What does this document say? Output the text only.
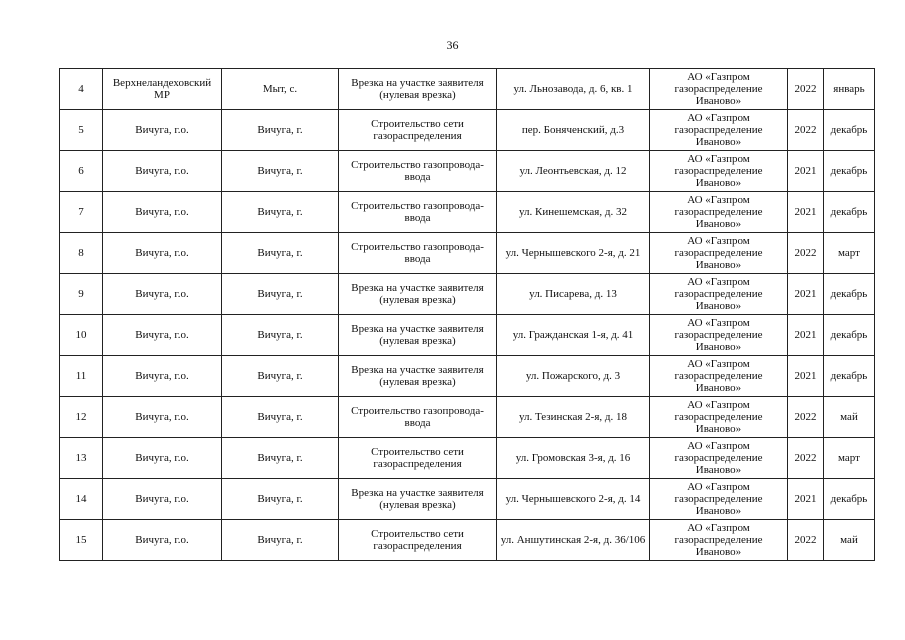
36
4	Верхнеландеховский МР	Мыт, с.	Врезка на участке заявителя (нулевая врезка)	ул. Льнозавода, д. 6, кв. 1	АО «Газпром газораспределение Иваново»	2022	январь
5	Вичуга, г.о.	Вичуга, г.	Строительство сети газораспределения	пер. Боняченский, д.3	АО «Газпром газораспределение Иваново»	2022	декабрь
6	Вичуга, г.о.	Вичуга, г.	Строительство газопровода-ввода	ул. Леонтьевская, д. 12	АО «Газпром газораспределение Иваново»	2021	декабрь
7	Вичуга, г.о.	Вичуга, г.	Строительство газопровода-ввода	ул. Кинешемская, д. 32	АО «Газпром газораспределение Иваново»	2021	декабрь
8	Вичуга, г.о.	Вичуга, г.	Строительство газопровода-ввода	ул. Чернышевского 2-я, д. 21	АО «Газпром газораспределение Иваново»	2022	март
9	Вичуга, г.о.	Вичуга, г.	Врезка на участке заявителя (нулевая врезка)	ул. Писарева, д. 13	АО «Газпром газораспределение Иваново»	2021	декабрь
10	Вичуга, г.о.	Вичуга, г.	Врезка на участке заявителя (нулевая врезка)	ул. Гражданская 1-я, д. 41	АО «Газпром газораспределение Иваново»	2021	декабрь
11	Вичуга, г.о.	Вичуга, г.	Врезка на участке заявителя (нулевая врезка)	ул. Пожарского, д. 3	АО «Газпром газораспределение Иваново»	2021	декабрь
12	Вичуга, г.о.	Вичуга, г.	Строительство газопровода-ввода	ул. Тезинская 2-я, д. 18	АО «Газпром газораспределение Иваново»	2022	май
13	Вичуга, г.о.	Вичуга, г.	Строительство сети газораспределения	ул. Громовская 3-я, д. 16	АО «Газпром газораспределение Иваново»	2022	март
14	Вичуга, г.о.	Вичуга, г.	Врезка на участке заявителя (нулевая врезка)	ул. Чернышевского 2-я, д. 14	АО «Газпром газораспределение Иваново»	2021	декабрь
15	Вичуга, г.о.	Вичуга, г.	Строительство сети газораспределения	ул. Аншутинская 2-я, д. 36/106	АО «Газпром газораспределение Иваново»	2022	май
